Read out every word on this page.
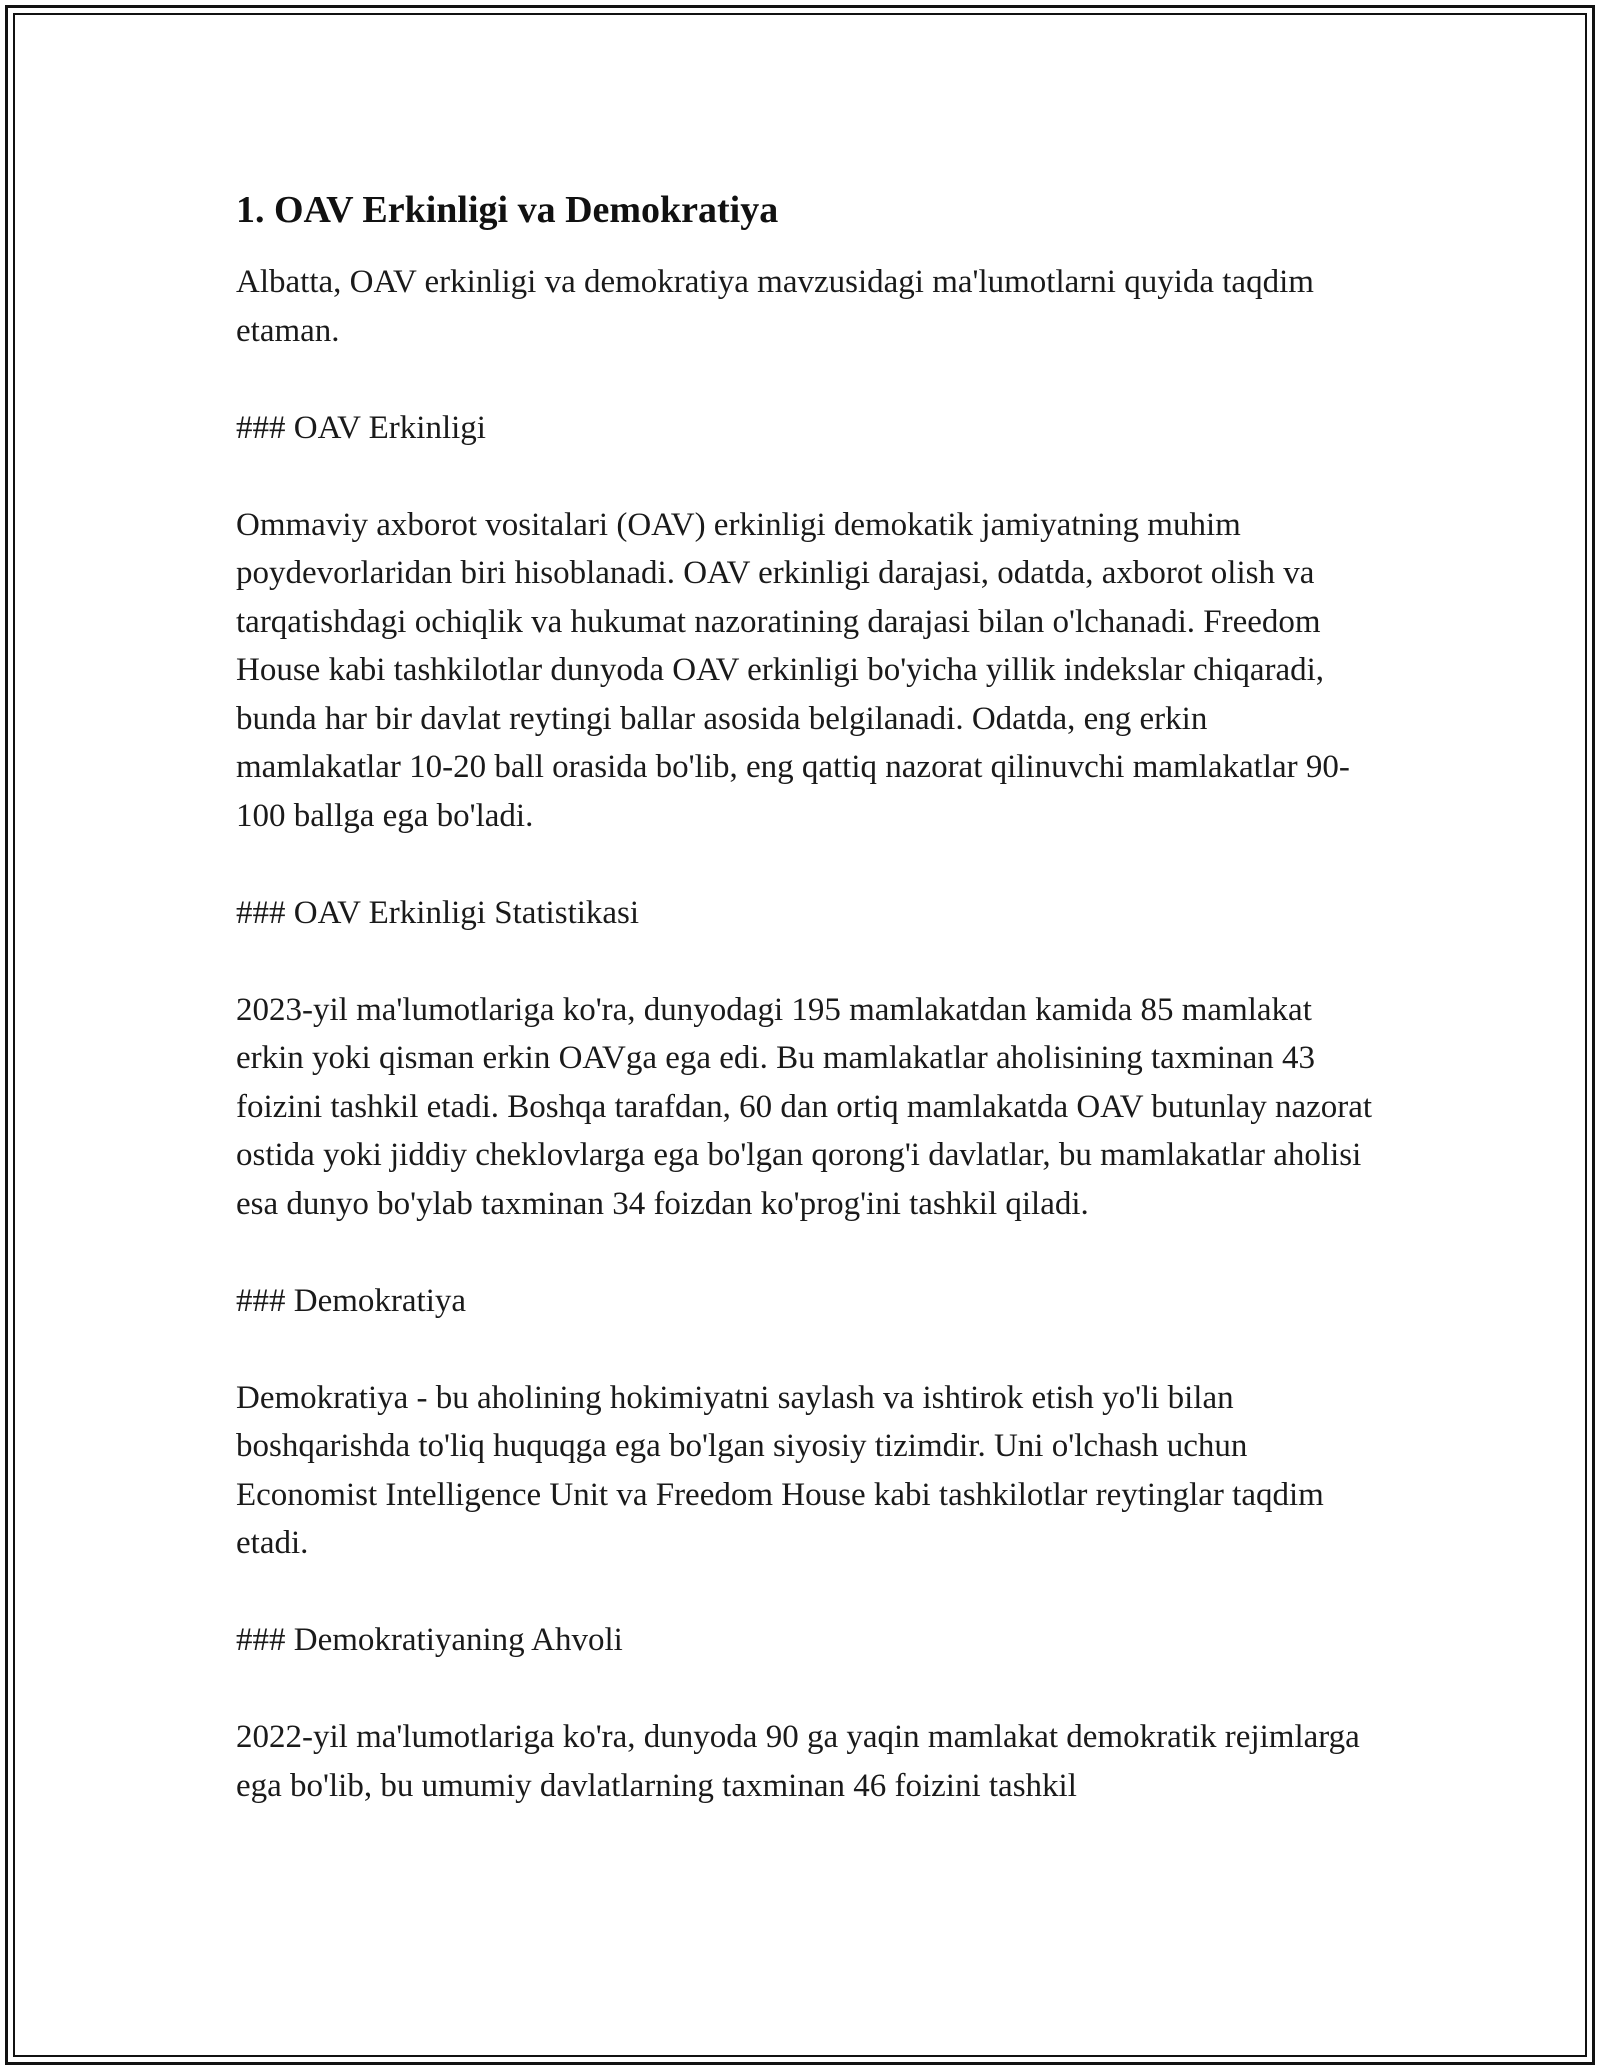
1. OAV Erkinligi va Demokratiya

Albatta, OAV erkinligi va demokratiya mavzusidagi ma'lumotlarni quyida taqdim etaman.

### OAV Erkinligi

Ommaviy axborot vositalari (OAV) erkinligi demokatik jamiyatning muhim poydevorlaridan biri hisoblanadi. OAV erkinligi darajasi, odatda, axborot olish va tarqatishdagi ochiqlik va hukumat nazoratining darajasi bilan o'lchanadi. Freedom House kabi tashkilotlar dunyoda OAV erkinligi bo'yicha yillik indekslar chiqaradi, bunda har bir davlat reytingi ballar asosida belgilanadi. Odatda, eng erkin mamlakatlar 10-20 ball orasida bo'lib, eng qattiq nazorat qilinuvchi mamlakatlar 90-100 ballga ega bo'ladi.

### OAV Erkinligi Statistikasi

2023-yil ma'lumotlariga ko'ra, dunyodagi 195 mamlakatdan kamida 85 mamlakat erkin yoki qisman erkin OAVga ega edi. Bu mamlakatlar aholisining taxminan 43 foizini tashkil etadi. Boshqa tarafdan, 60 dan ortiq mamlakatda OAV butunlay nazorat ostida yoki jiddiy cheklovlarga ega bo'lgan qorong'i davlatlar, bu mamlakatlar aholisi esa dunyo bo'ylab taxminan 34 foizdan ko'prog'ini tashkil qiladi.

### Demokratiya

Demokratiya - bu aholining hokimiyatni saylash va ishtirok etish yo'li bilan boshqarishda to'liq huquqga ega bo'lgan siyosiy tizimdir. Uni o'lchash uchun Economist Intelligence Unit va Freedom House kabi tashkilotlar reytinglar taqdim etadi.

### Demokratiyaning Ahvoli

2022-yil ma'lumotlariga ko'ra, dunyoda 90 ga yaqin mamlakat demokratik rejimlarga ega bo'lib, bu umumiy davlatlarning taxminan 46 foizini tashkil
